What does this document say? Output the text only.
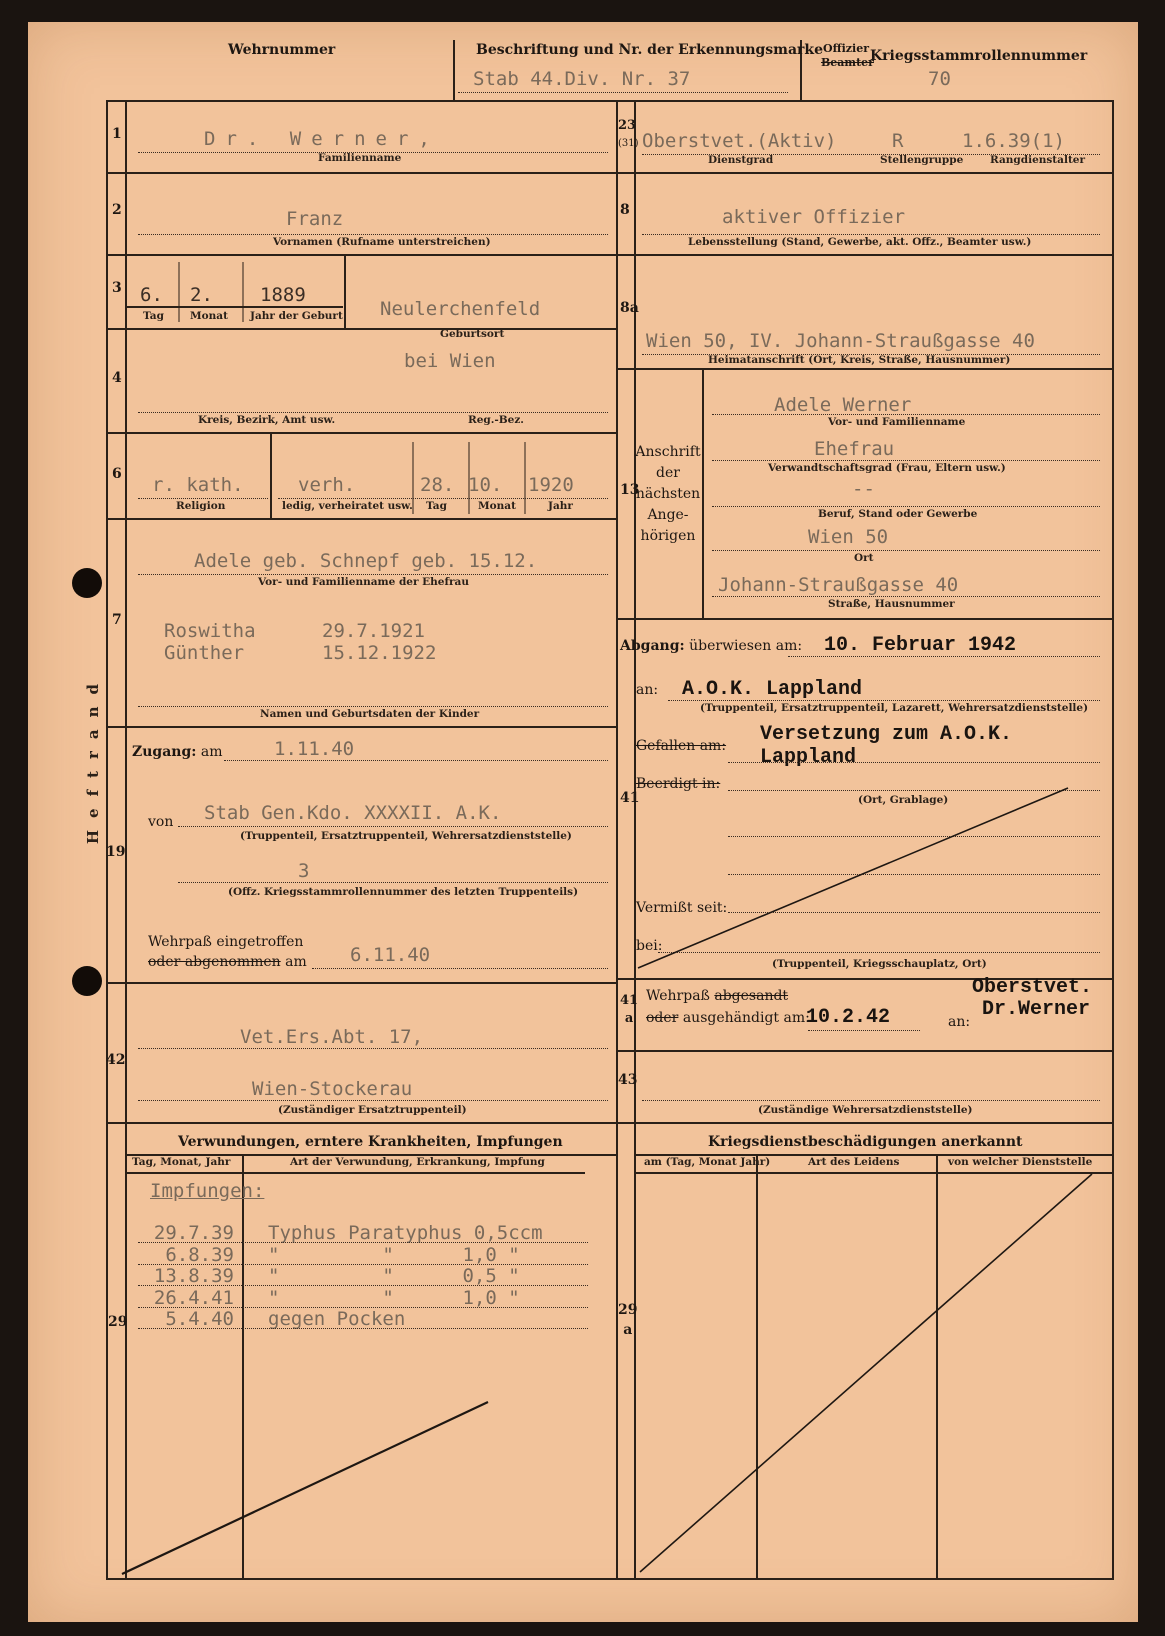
Wehrnummer	Beschriftung und Nr. der Erkennungsmarke
Stab 44.Div. Nr. 37
Offizier
Beamter
Kriegsstammrollennummer
70
1	Dr. Werner,
Familienname
23
(31) Oberstvet.(Aktiv)	R	1.6.39(1)
Dienstgrad	Stellengruppe	Rangdienstalter
2	Franz
Vornamen (Rufname unterstreichen)
8	aktiver Offizier
Lebensstellung (Stand, Gewerbe, akt. Offz., Beamter usw.)
3 6. 2. 1889
Tag Monat Jahr der Geburt Neulerchenfeld
Geburtsort
8a
Wien 50, IV. Johann-Straußgasse 40
Heimatanschrift (Ort, Kreis, Straße, Hausnummer)
4
bei Wien
Kreis, Bezirk, Amt usw.	Reg.-Bez.
6 r. kath.
Religion
verh.	28. 10. 1920
ledig, verheiratet usw. Tag	Monat	Jahr
13
Anschrift der nächsten Ange-hörigen
Adele Werner
Vor- und Familienname
Ehefrau
Verwandtschaftsgrad (Frau, Eltern usw.)
--
Beruf, Stand oder Gewerbe
Wien 50
Ort
Johann-Straußgasse 40
Straße, Hausnummer
7
Adele geb. Schnepf geb. 15.12.
Vor- und Familienname der Ehefrau
Roswitha	29.7.1921
Günther	15.12.1922
Namen und Geburtsdaten der Kinder
Abgang: überwiesen am: 10. Februar 1942
an: A.O.K. Lappland
(Truppenteil, Ersatztruppenteil, Lazarett, Wehrersatzdienststelle)
Gefallen am: Versetzung zum A.O.K.
Lappland
41
Beerdigt in:
(Ort, Grablage)
Vermißt seit:
bei:
(Truppenteil, Kriegsschauplatz, Ort)
Zugang: am	1.11.40
von Stab Gen.Kdo. XXXXII. A.K.
(Truppenteil, Ersatztruppenteil, Wehrersatzdienststelle)
19
3
(Offz. Kriegsstammrollennummer des letzten Truppenteils)
Wehrpaß eingetroffen
oder abgenommen am 6.11.40
41
a
Wehrpaß abgesandt
oder ausgehändigt am:
10.2.42	an:
Oberstvet.
Dr.Werner
42
Vet.Ers.Abt. 17,
Wien-Stockerau
(Zuständiger Ersatztruppenteil)
43
(Zuständige Wehrersatzdienststelle)
Verwundungen, erntere Krankheiten, Impfungen
Tag, Monat, Jahr	Art der Verwundung, Erkrankung, Impfung
Impfungen:
29
29.7.39 Typhus Paratyphus 0,5ccm
6.8.39 "         "      1,0 "
13.8.39 "         "      0,5 "
26.4.41 "         "      1,0 "
5.4.40 gegen Pocken
Kriegsdienstbeschädigungen anerkannt
am (Tag, Monat Jahr)	Art des Leidens	von welcher Dienststelle
29
a
Heftrand
